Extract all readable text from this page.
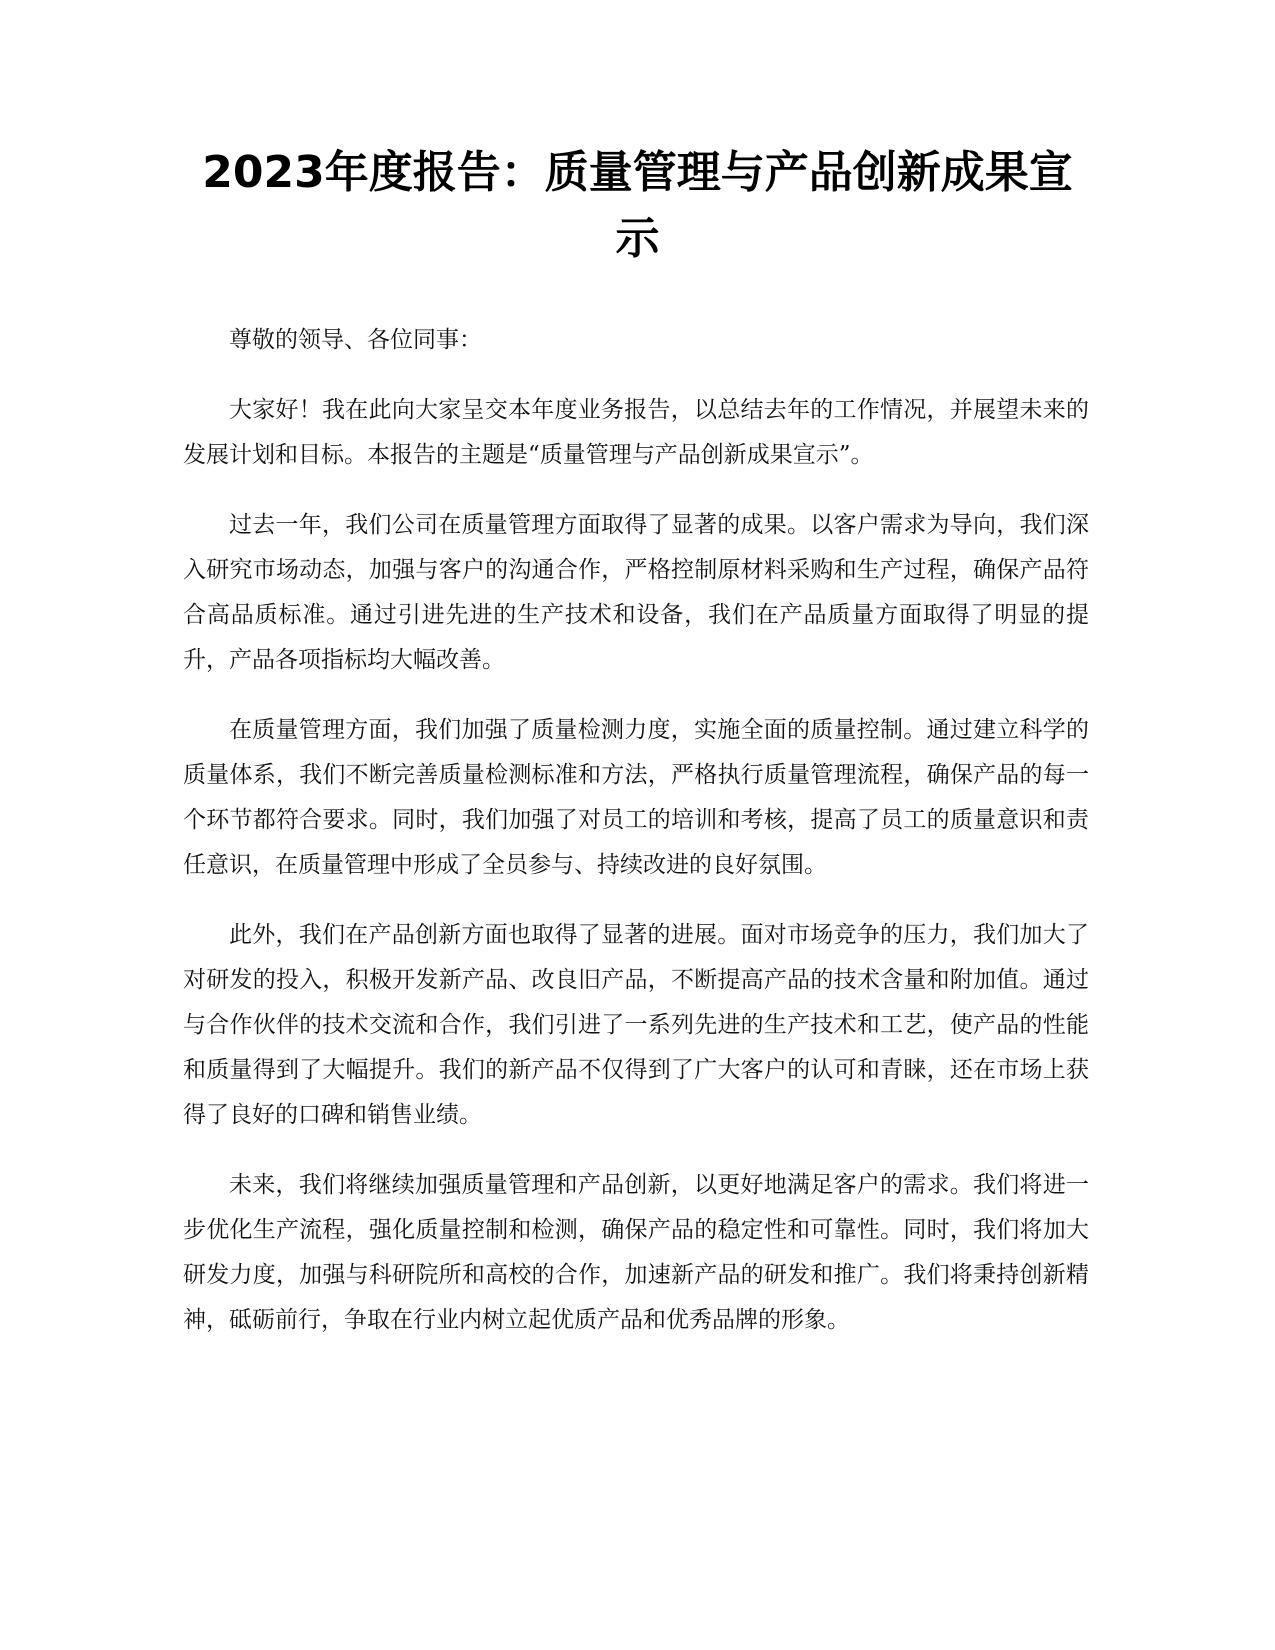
2023年度报告：质量管理与产品创新成果宣示

尊敬的领导、各位同事：

大家好！我在此向大家呈交本年度业务报告，以总结去年的工作情况，并展望未来的发展计划和目标。本报告的主题是“质量管理与产品创新成果宣示”。

过去一年，我们公司在质量管理方面取得了显著的成果。以客户需求为导向，我们深入研究市场动态，加强与客户的沟通合作，严格控制原材料采购和生产过程，确保产品符合高品质标准。通过引进先进的生产技术和设备，我们在产品质量方面取得了明显的提升，产品各项指标均大幅改善。

在质量管理方面，我们加强了质量检测力度，实施全面的质量控制。通过建立科学的质量体系，我们不断完善质量检测标准和方法，严格执行质量管理流程，确保产品的每一个环节都符合要求。同时，我们加强了对员工的培训和考核，提高了员工的质量意识和责任意识，在质量管理中形成了全员参与、持续改进的良好氛围。

此外，我们在产品创新方面也取得了显著的进展。面对市场竞争的压力，我们加大了对研发的投入，积极开发新产品、改良旧产品，不断提高产品的技术含量和附加值。通过与合作伙伴的技术交流和合作，我们引进了一系列先进的生产技术和工艺，使产品的性能和质量得到了大幅提升。我们的新产品不仅得到了广大客户的认可和青睐，还在市场上获得了良好的口碑和销售业绩。

未来，我们将继续加强质量管理和产品创新，以更好地满足客户的需求。我们将进一步优化生产流程，强化质量控制和检测，确保产品的稳定性和可靠性。同时，我们将加大研发力度，加强与科研院所和高校的合作，加速新产品的研发和推广。我们将秉持创新精神，砥砺前行，争取在行业内树立起优质产品和优秀品牌的形象。
